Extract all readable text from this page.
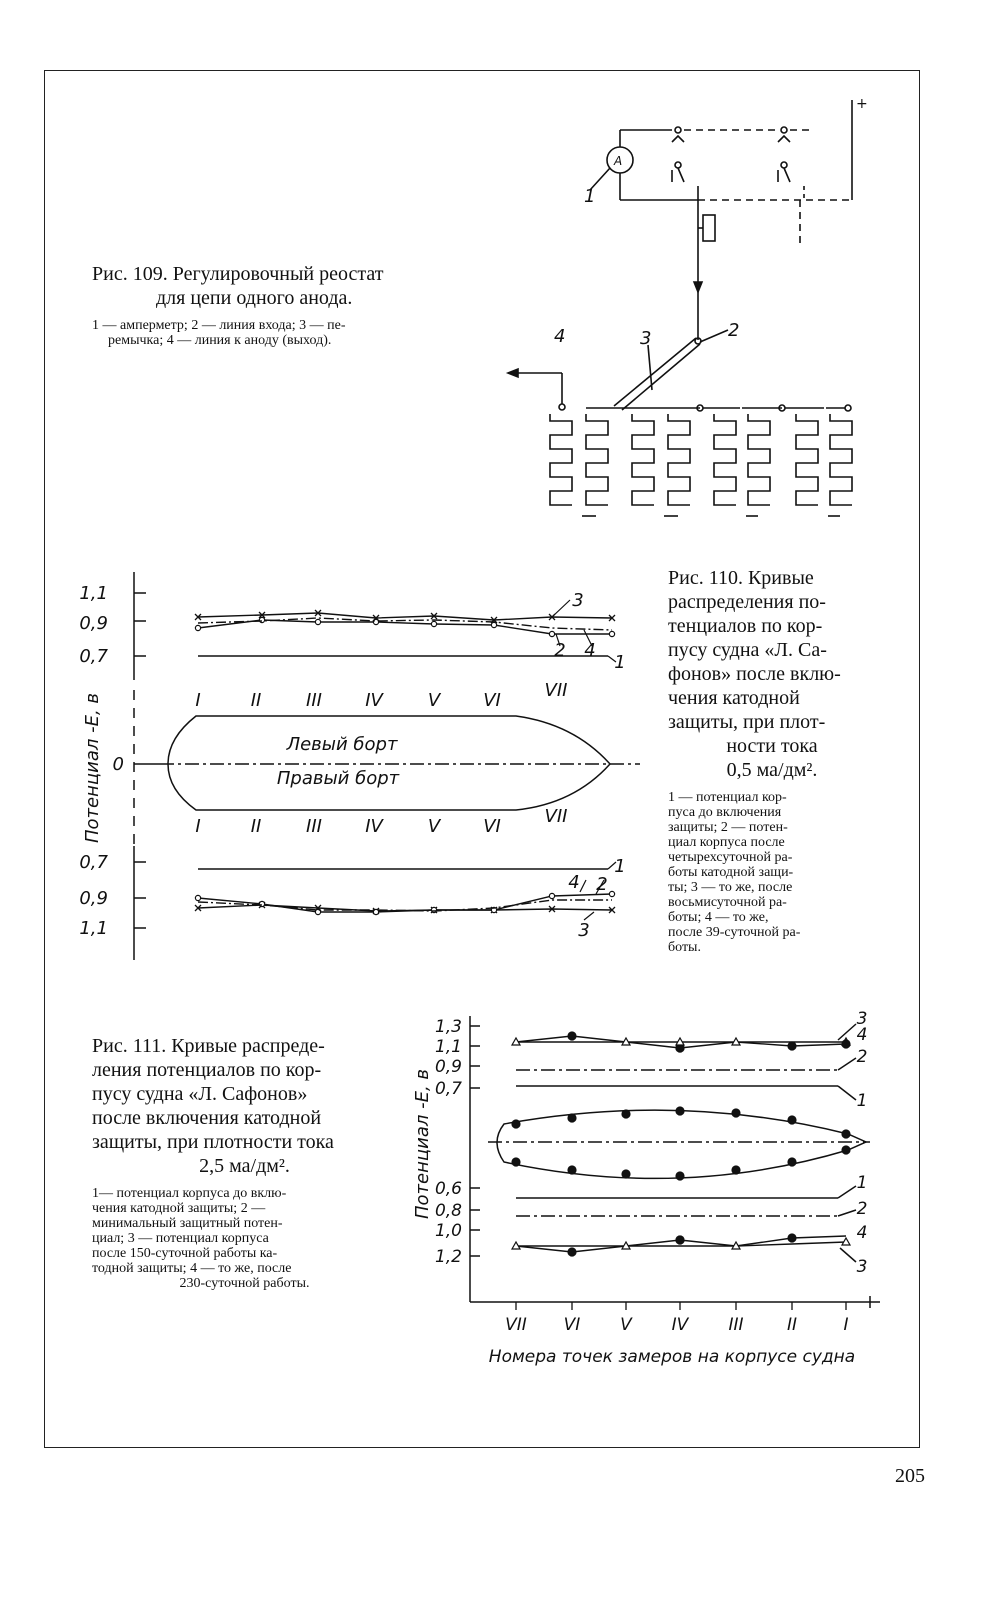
Рис. 109. Регулировочный реостат
для цепи одного анода.
1 — амперметр; 2 — линия входа; 3 — пе-
ремычка; 4 — линия к аноду (выход).
Рис. 110. Кривые
распределения по-
тенциалов по кор-
пусу судна «Л. Са-
фонов» после вклю-
чения катодной
защиты, при плот-
ности тока
0,5 ма/дм².
1 — потенциал кор-
пуса до включения
защиты; 2 — потен-
циал корпуса после
четырехсуточной ра-
боты катодной защи-
ты; 3 — то же, после
восьмисуточной ра-
боты; 4 — то же,
после 39-суточной ра-
боты.
Рис. 111. Кривые распреде-
ления потенциалов по кор-
пусу судна «Л. Сафонов»
после включения катодной
защиты, при плотности тока
2,5 ма/дм².
1— потенциал корпуса до вклю-
чения катодной защиты; 2 —
минимальный защитный потен-
циал; 3 — потенциал корпуса
после 150-суточной работы ка-
тодной защиты; 4 — то же, после
230-суточной работы.
205
1
2
3
4
A
+
3
2 4
1
1
4 2
3
I
I
II
II
III
III
IV
IV
V
V
VI
VI
VII
VII
1,1
0,9
0,7
0
0,7
0,9
1,1
Потенциал -E, в	Левый борт
Правый борт
3
4
2
1
1
2
4
3
VII VI V IV III	II	I
1,3
1,1
0,9
0,7
0,6
0,8
1,0
1,2
Потенциал -E, в
Номера точек замеров на корпусе судна
